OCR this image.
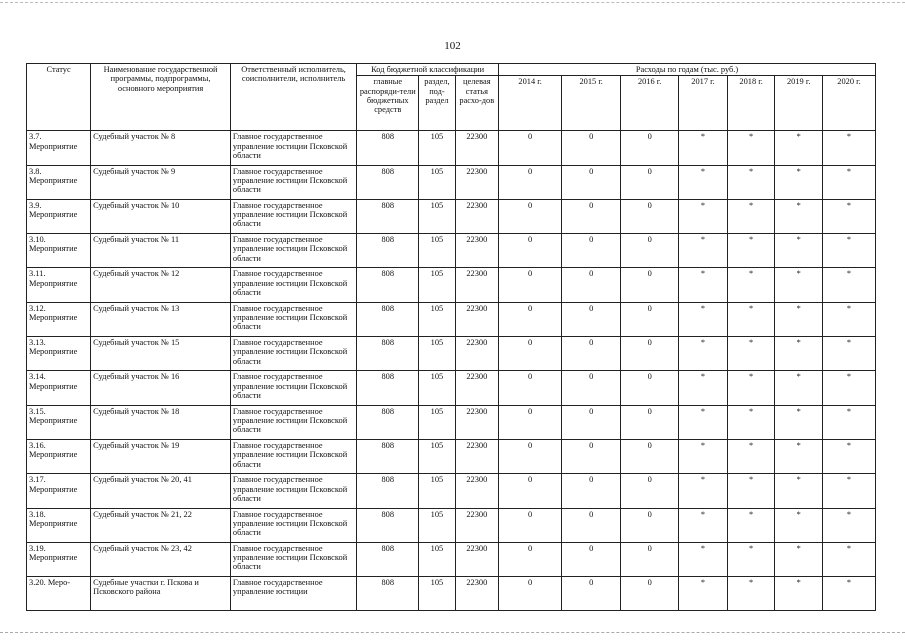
102
Статус	Наименование государственной программы, подпрограммы, основного мероприятия	Ответственный исполнитель, соисполнители, исполнитель	Код бюджетной классификации			Расходы по годам (тыс. руб.)						
			главные распоряди-тели бюджетных средств	раздел, под-раздел	целевая статья расхо-дов	2014 г.	2015 г.	2016 г.	2017 г.	2018 г.	2019 г.	2020 г.
3.7. Мероприятие	Судебный участок № 8	Главное государственное управление юстиции Псковской области	808	105	22300	0	0	0	*	*	*	*
3.8. Мероприятие	Судебный участок № 9	Главное государственное управление юстиции Псковской области	808	105	22300	0	0	0	*	*	*	*
3.9. Мероприятие	Судебный участок № 10	Главное государственное управление юстиции Псковской области	808	105	22300	0	0	0	*	*	*	*
3.10. Мероприятие	Судебный участок № 11	Главное государственное управление юстиции Псковской области	808	105	22300	0	0	0	*	*	*	*
3.11. Мероприятие	Судебный участок № 12	Главное государственное управление юстиции Псковской области	808	105	22300	0	0	0	*	*	*	*
3.12. Мероприятие	Судебный участок № 13	Главное государственное управление юстиции Псковской области	808	105	22300	0	0	0	*	*	*	*
3.13. Мероприятие	Судебный участок № 15	Главное государственное управление юстиции Псковской области	808	105	22300	0	0	0	*	*	*	*
3.14. Мероприятие	Судебный участок № 16	Главное государственное управление юстиции Псковской области	808	105	22300	0	0	0	*	*	*	*
3.15. Мероприятие	Судебный участок № 18	Главное государственное управление юстиции Псковской области	808	105	22300	0	0	0	*	*	*	*
3.16. Мероприятие	Судебный участок № 19	Главное государственное управление юстиции Псковской области	808	105	22300	0	0	0	*	*	*	*
3.17. Мероприятие	Судебный участок № 20, 41	Главное государственное управление юстиции Псковской области	808	105	22300	0	0	0	*	*	*	*
3.18. Мероприятие	Судебный участок № 21, 22	Главное государственное управление юстиции Псковской области	808	105	22300	0	0	0	*	*	*	*
3.19. Мероприятие	Судебный участок № 23, 42	Главное государственное управление юстиции Псковской области	808	105	22300	0	0	0	*	*	*	*
3.20. Меро-	Судебные участки г. Пскова и Псковского района	Главное государственное управление юстиции	808	105	22300	0	0	0	*	*	*	*
